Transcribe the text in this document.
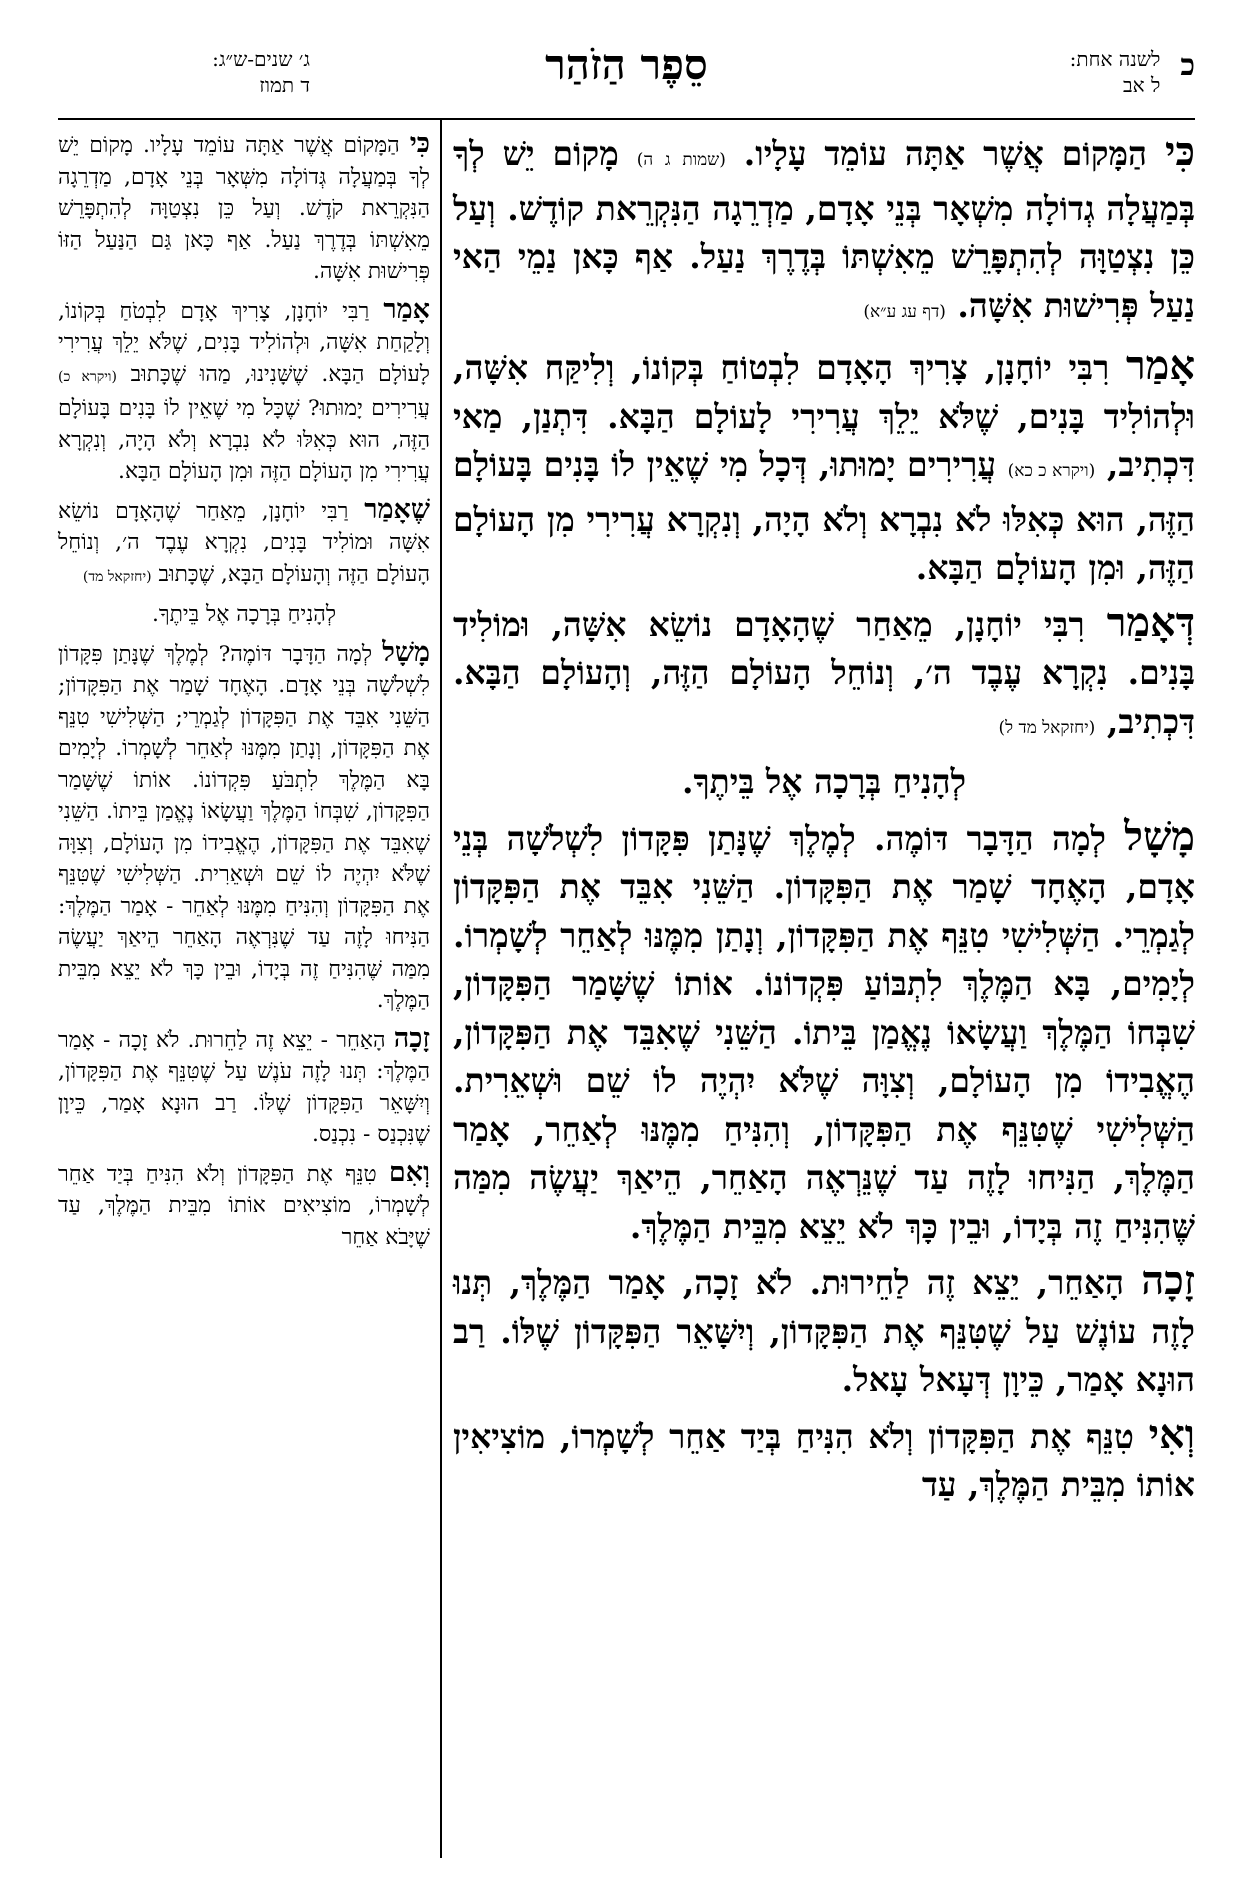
כ
לשנה אחת:
ל אב
סֵפֶר הַזֹהַר
ג׳ שנים-ש״ג:
ד תמוז

כִּי הַמָּקוֹם אֲשֶׁר אַתָּה עוֹמֵד עָלָיו. (שמות ג ה) מָקוֹם יֵשׁ לְךָ בְּמַעֲלָה גְדוֹלָה מִשְׁאָר בְּנֵי אָדָם, מַדְרֵגָה הַנִּקְרֵאת קוֹדֶשׁ. וְעַל כֵּן נִצְטַוָּה לְהִתְפָּרֵשׁ מֵאִשְׁתּוֹ בְּדֶרֶךְ נַעַל. אַף כָּאן נַמֵי הַאי נַעַל פְּרִישׁוּת אִשָּׁה. (דף עג ע״א)

אָמַר רִבִּי יוֹחָנָן, צָרִיךְ הָאָדָם לִבְטוֹחַ בְּקוֹנוֹ, וְלִיקַּח אִשָּׁה, וּלְהוֹלִיד בָּנִים, שֶׁלֹּא יֵלֵךְ עֲרִירִי לָעוֹלָם הַבָּא. דִּתְנַן, מַאי דִּכְתִיב, (ויקרא כ כא) עֲרִירִים יָמוּתוּ, דְּכָל מִי שֶׁאֵין לוֹ בָּנִים בָּעוֹלָם הַזֶּה, הוּא כְּאִלּוּ לֹא נִבְרָא וְלֹא הָיָה, וְנִקְרָא עֲרִירִי מִן הָעוֹלָם הַזֶּה, וּמִן הָעוֹלָם הַבָּא.

דְּאָמַר רִבִּי יוֹחָנָן, מֵאַחַר שֶׁהָאָדָם נוֹשֵׂא אִשָּׁה, וּמוֹלִיד בָּנִים. נִקְרָא עֶבֶד ה׳, וְנוֹחֵל הָעוֹלָם הַזֶּה, וְהָעוֹלָם הַבָּא. דִּכְתִיב, (יחזקאל מד ל)

לְהָנִיחַ בְּרָכָה אֶל בֵּיתֶךָ.

מָשָׁל לְמָה הַדָּבָר דּוֹמֶה. לְמֶלֶךְ שֶׁנָּתַן פִּקָּדוֹן לִשְׁלֹשָׁה בְּנֵי אָדָם, הָאֶחָד שָׁמַר אֶת הַפִּקָּדוֹן. הַשֵּׁנִי אִבֵּד אֶת הַפִּקָּדוֹן לְגַמְרֵי. הַשְּׁלִישִׁי טִנֵּף אֶת הַפִּקָּדוֹן, וְנָתַן מִמֶּנּוּ לְאַחֵר לְשָׁמְרוֹ. לְיָמִים, בָּא הַמֶּלֶךְ לִתְבּוֹעַ פִּקְדוֹנוֹ. אוֹתוֹ שֶׁשָּׁמַר הַפִּקָּדוֹן, שִׁבְּחוֹ הַמֶּלֶךְ וַעֲשָׂאוֹ נֶאֱמַן בֵּיתוֹ. הַשֵּׁנִי שֶׁאִבֵּד אֶת הַפִּקָּדוֹן, הֶאֱבִידוֹ מִן הָעוֹלָם, וְצִוָּה שֶׁלֹּא יִהְיֶה לוֹ שֵׁם וּשְׁאֵרִית. הַשְּׁלִישִׁי שֶׁטִּנֵּף אֶת הַפִּקָּדוֹן, וְהִנִּיחַ מִמֶּנּוּ לְאַחֵר, אָמַר הַמֶּלֶךְ, הַנִּיחוּ לָזֶה עַד שֶׁנֵּרְאֶה הָאַחֵר, הֵיאַךְ יַעֲשֶׂה מִמַּה שֶּׁהִנִּיחַ זֶה בְּיָדוֹ, וּבֵין כָּךְ לֹא יֵצֵא מִבֵּית הַמֶּלֶךְ.

זָכָה הָאַחֵר, יֵצֵא זֶה לַחֵירוּת. לֹא זָכָה, אָמַר הַמֶּלֶךְ, תְּנוּ לָזֶה עוֹנֶשׁ עַל שֶׁטִּנֵּף אֶת הַפִּקָּדוֹן, וְיִשָּׁאֵר הַפִּקָּדוֹן שֶׁלּוֹ. רַב הוּנָא אָמַר, כֵּיוָן דְּעָאל עָאל.

וְאִי טִנֵּף אֶת הַפִּקָּדוֹן וְלֹא הִנִּיחַ בְּיַד אַחֵר לְשָׁמְרוֹ, מוֹצִיאִין אוֹתוֹ מִבֵּית הַמֶּלֶךְ, עַד

כִּי הַמָּקוֹם אֲשֶׁר אַתָּה עוֹמֵד עָלָיו. מָקוֹם יֵשׁ לְךָ בְּמַעֲלָה גְּדוֹלָה מִשְּׁאָר בְּנֵי אָדָם, מַדְרֵגָה הַנִּקְרֵאת קֹדֶשׁ. וְעַל כֵּן נִצְטַוָּה לְהִתְפָּרֵשׁ מֵאִשְׁתּוֹ בְּדֶרֶךְ נַעַל. אַף כָּאן גַּם הַנַּעַל הַזּוֹ פְּרִישׁוּת אִשָּׁה.

אָמַר רַבִּי יוֹחָנָן, צָרִיךְ אָדָם לִבְטֹחַ בְּקוֹנוֹ, וְלָקַחַת אִשָּׁה, וּלְהוֹלִיד בָּנִים, שֶׁלֹּא יֵלֵךְ עֲרִירִי לָעוֹלָם הַבָּא. שֶׁשָּׁנִינוּ, מַהוּ שֶׁכָּתוּב (ויקרא כ) עֲרִירִים יָמוּתוּ? שֶׁכָּל מִי שֶׁאֵין לוֹ בָּנִים בָּעוֹלָם הַזֶּה, הוּא כְּאִלּוּ לֹא נִבְרָא וְלֹא הָיָה, וְנִקְרָא עֲרִירִי מִן הָעוֹלָם הַזֶּה וּמִן הָעוֹלָם הַבָּא.

שֶׁאָמַר רַבִּי יוֹחָנָן, מֵאַחַר שֶׁהָאָדָם נוֹשֵׂא אִשָּׁה וּמוֹלִיד בָּנִים, נִקְרָא עֶבֶד ה׳, וְנוֹחֵל הָעוֹלָם הַזֶּה וְהָעוֹלָם הַבָּא, שֶׁכָּתוּב (יחזקאל מד)

לְהָנִיחַ בְּרָכָה אֶל בֵּיתֶךָ.

מָשָׁל לְמָה הַדָּבָר דּוֹמֶה? לְמֶלֶךְ שֶׁנָּתַן פִּקָּדוֹן לִשְׁלֹשָׁה בְּנֵי אָדָם. הָאֶחָד שָׁמַר אֶת הַפִּקָּדוֹן; הַשֵּׁנִי אִבֵּד אֶת הַפִּקָּדוֹן לְגַמְרֵי; הַשְּׁלִישִׁי טִנֵּף אֶת הַפִּקָּדוֹן, וְנָתַן מִמֶּנּוּ לְאַחֵר לְשָׁמְרוֹ. לְיָמִים בָּא הַמֶּלֶךְ לִתְבֹּעַ פִּקְדוֹנוֹ. אוֹתוֹ שֶׁשָּׁמַר הַפִּקָּדוֹן, שִׁבְּחוֹ הַמֶּלֶךְ וַעֲשָׂאוֹ נֶאֱמַן בֵּיתוֹ. הַשֵּׁנִי שֶׁאִבֵּד אֶת הַפִּקָּדוֹן, הֶאֱבִידוֹ מִן הָעוֹלָם, וְצִוָּה שֶׁלֹּא יִהְיֶה לוֹ שֵׁם וּשְׁאֵרִית. הַשְּׁלִישִׁי שֶׁטִּנֵּף אֶת הַפִּקָּדוֹן וְהִנִּיחַ מִמֶּנּוּ לְאַחֵר - אָמַר הַמֶּלֶךְ: הַנִּיחוּ לָזֶה עַד שֶׁנִּרְאֶה הָאַחֵר הֵיאַךְ יַעֲשֶׂה מִמַּה שֶּׁהִנִּיחַ זֶה בְּיָדוֹ, וּבֵין כָּךְ לֹא יֵצֵא מִבֵּית הַמֶּלֶךְ.

זָכָה הָאַחֵר - יֵצֵא זֶה לַחֵרוּת. לֹא זָכָה - אָמַר הַמֶּלֶךְ: תְּנוּ לָזֶה עֹנֶשׁ עַל שֶׁטִּנֵּף אֶת הַפִּקָּדוֹן, וְיִשָּׁאֵר הַפִּקָּדוֹן שֶׁלּוֹ. רַב הוּנָא אָמַר, כֵּיוָן שֶׁנִּכְנַס - נִכְנַס.

וְאִם טִנֵּף אֶת הַפִּקָּדוֹן וְלֹא הִנִּיחַ בְּיַד אַחֵר לְשָׁמְרוֹ, מוֹצִיאִים אוֹתוֹ מִבֵּית הַמֶּלֶךְ, עַד שֶׁיָּבֹא אַחֵר
